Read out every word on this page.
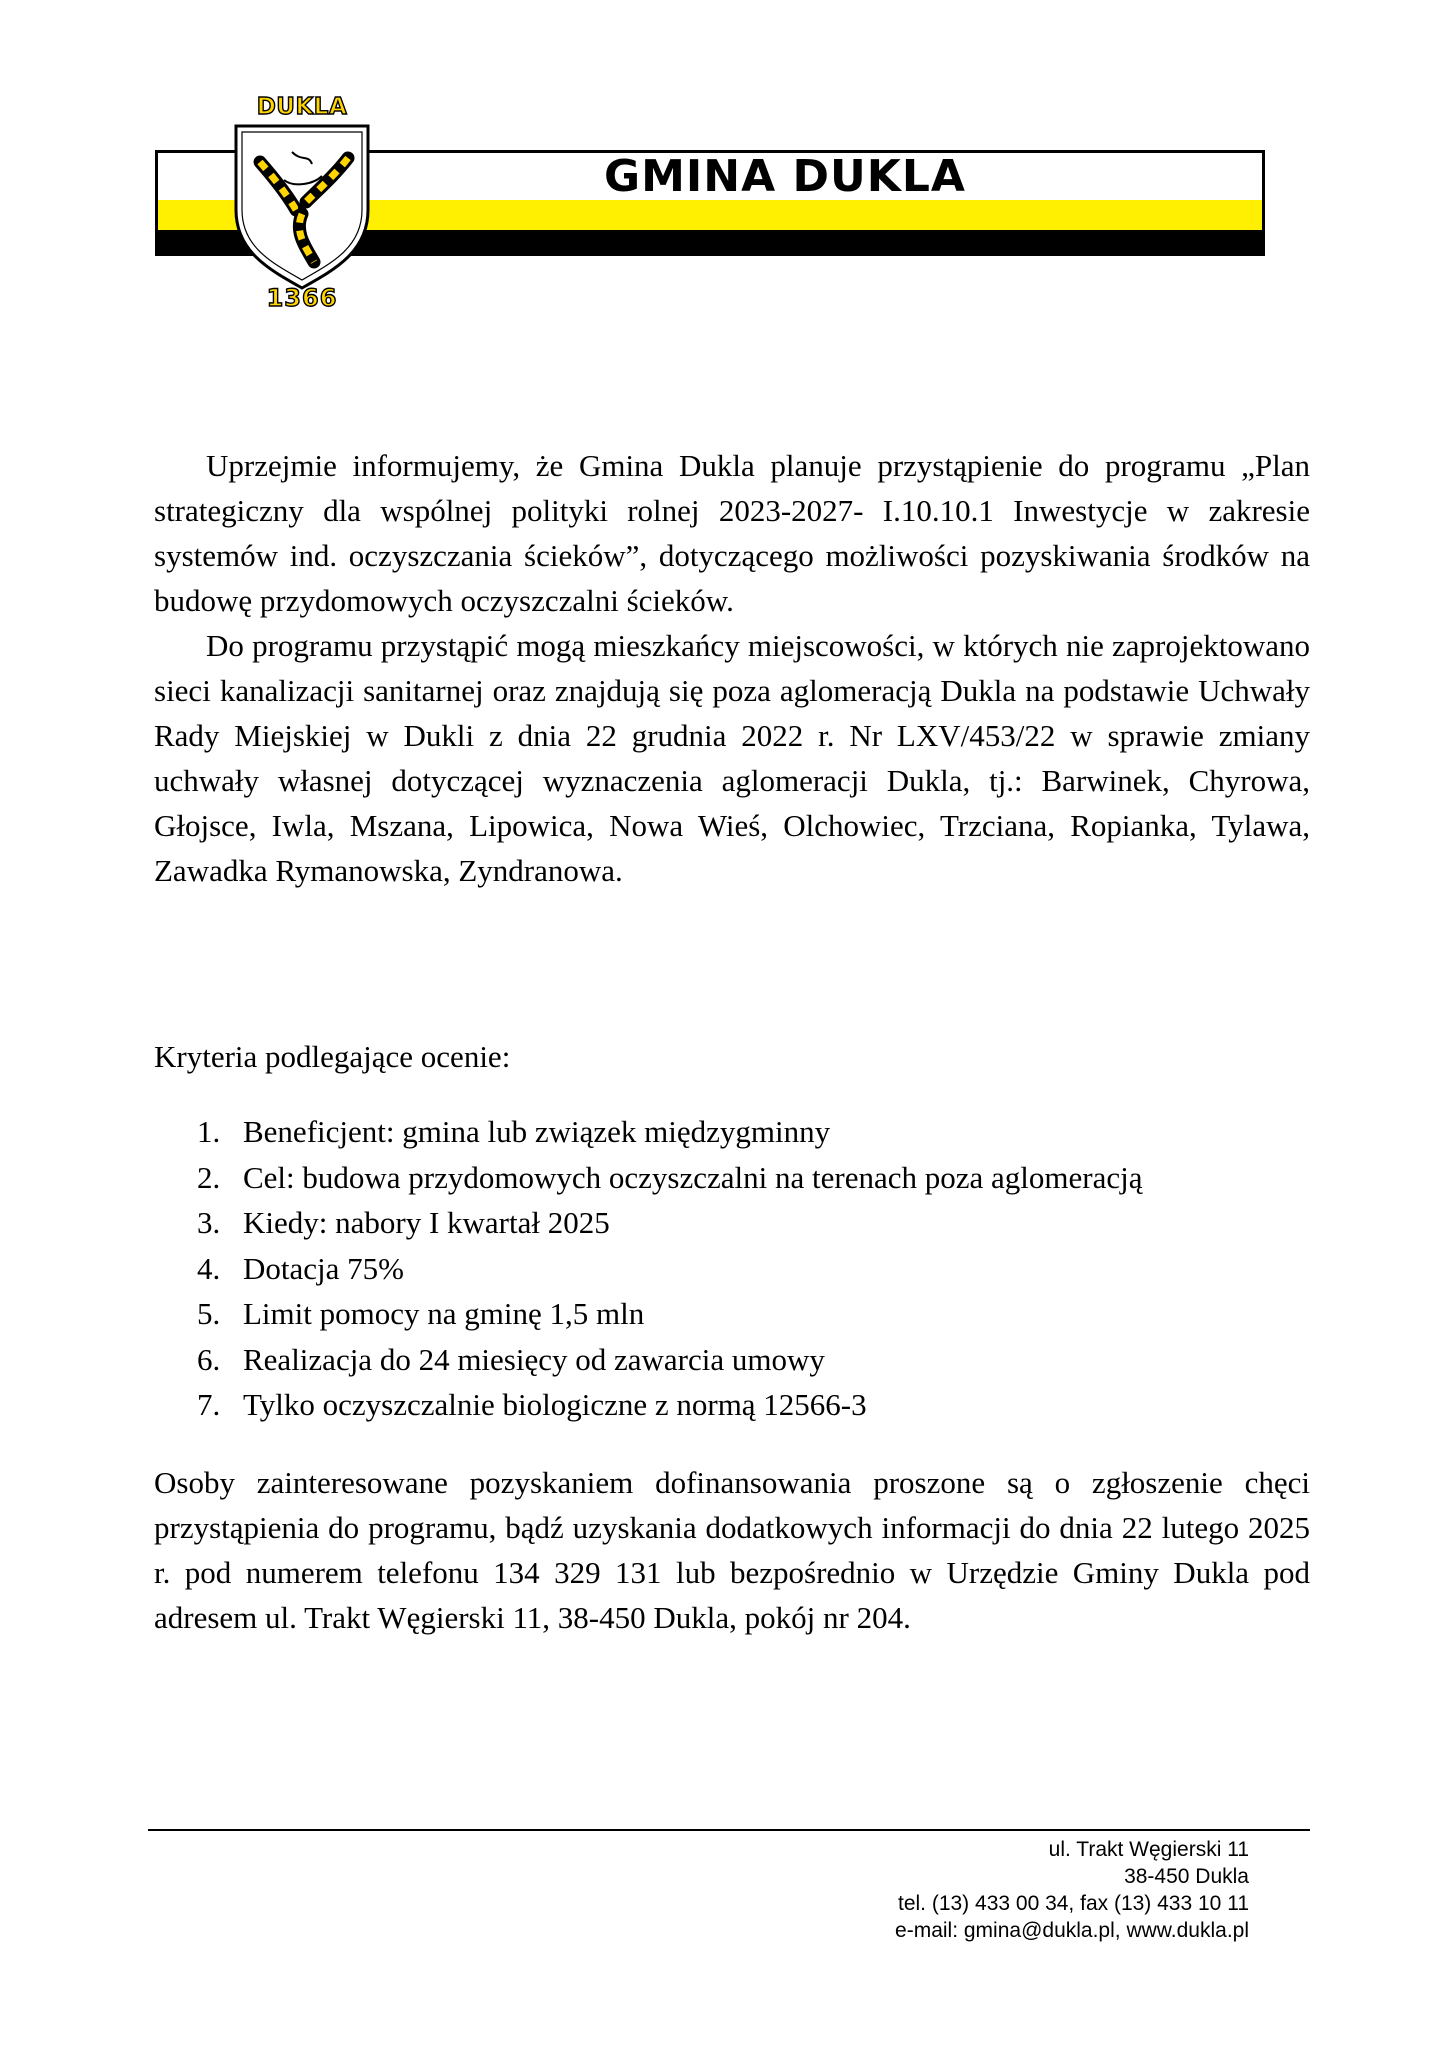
GMINA DUKLA
DUKLA
1366

Uprzejmie informujemy, że Gmina Dukla planuje przystąpienie do programu „Plan strategiczny dla wspólnej polityki rolnej 2023-2027- I.10.10.1 Inwestycje w zakresie systemów ind. oczyszczania ścieków”, dotyczącego możliwości pozyskiwania środków na budowę przydomowych oczyszczalni ścieków.

Do programu przystąpić mogą mieszkańcy miejscowości, w których nie zaprojektowano sieci kanalizacji sanitarnej oraz znajdują się poza aglomeracją Dukla na podstawie Uchwały Rady Miejskiej w Dukli z dnia 22 grudnia 2022 r. Nr LXV/453/22 w sprawie zmiany uchwały własnej dotyczącej wyznaczenia aglomeracji Dukla, tj.: Barwinek, Chyrowa, Głojsce, Iwla, Mszana, Lipowica, Nowa Wieś, Olchowiec, Trzciana, Ropianka, Tylawa, Zawadka Rymanowska, Zyndranowa.

Kryteria podlegające ocenie:

1. Beneficjent: gmina lub związek międzygminny
2. Cel: budowa przydomowych oczyszczalni na terenach poza aglomeracją
3. Kiedy: nabory I kwartał 2025
4. Dotacja 75%
5. Limit pomocy na gminę 1,5 mln
6. Realizacja do 24 miesięcy od zawarcia umowy
7. Tylko oczyszczalnie biologiczne z normą 12566-3

Osoby zainteresowane pozyskaniem dofinansowania proszone są o zgłoszenie chęci przystąpienia do programu, bądź uzyskania dodatkowych informacji do dnia 22 lutego 2025 r. pod numerem telefonu 134 329 131 lub bezpośrednio w Urzędzie Gminy Dukla pod adresem ul. Trakt Węgierski 11, 38-450 Dukla, pokój nr 204.

ul. Trakt Węgierski 11
38-450 Dukla
tel. (13) 433 00 34, fax (13) 433 10 11
e-mail: gmina@dukla.pl, www.dukla.pl
